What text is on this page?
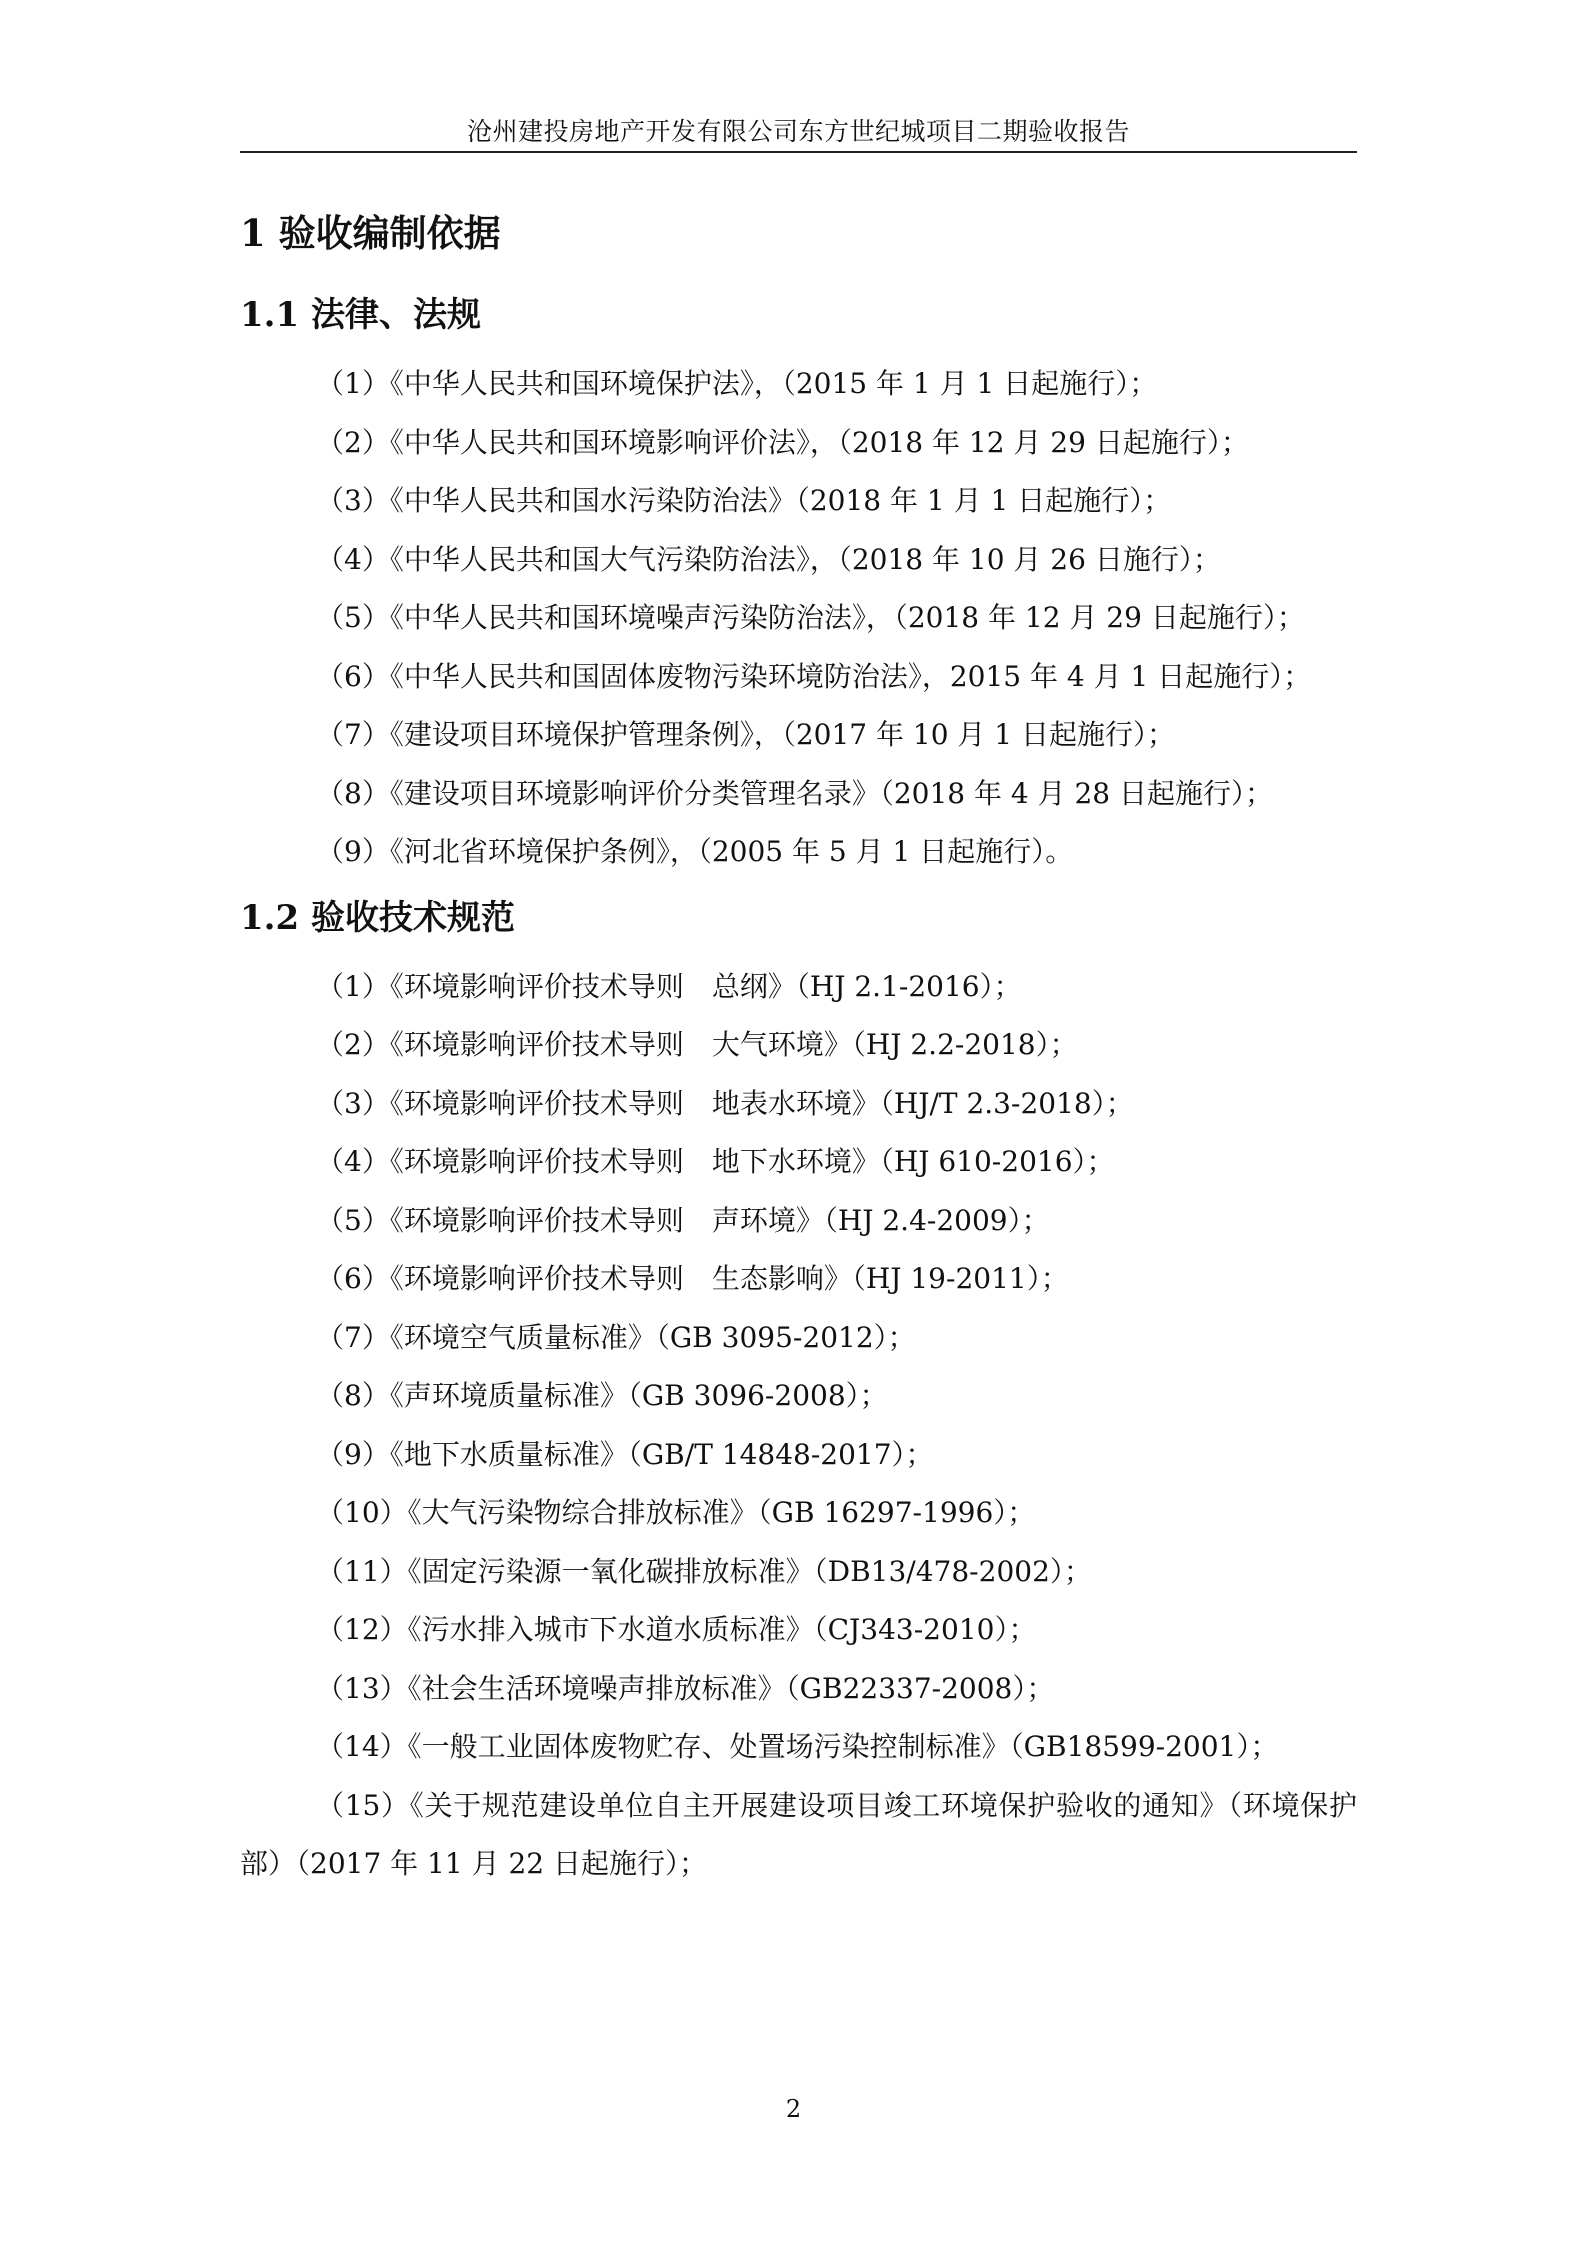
沧州建投房地产开发有限公司东方世纪城项目二期验收报告
1 验收编制依据
1.1 法律、法规
（1）《中华人民共和国环境保护法》，（2015 年 1 月 1 日起施行）；
（2）《中华人民共和国环境影响评价法》，（2018 年 12 月 29 日起施行）；
（3）《中华人民共和国水污染防治法》（2018 年 1 月 1 日起施行）；
（4）《中华人民共和国大气污染防治法》，（2018 年 10 月 26 日施行）；
（5）《中华人民共和国环境噪声污染防治法》，（2018 年 12 月 29 日起施行）；
（6）《中华人民共和国固体废物污染环境防治法》，2015 年 4 月 1 日起施行）；
（7）《建设项目环境保护管理条例》，（2017 年 10 月 1 日起施行）；
（8）《建设项目环境影响评价分类管理名录》（2018 年 4 月 28 日起施行）；
（9）《河北省环境保护条例》，（2005 年 5 月 1 日起施行）。
1.2 验收技术规范
（1）《环境影响评价技术导则　总纲》（HJ 2.1-2016）；
（2）《环境影响评价技术导则　大气环境》（HJ 2.2-2018）；
（3）《环境影响评价技术导则　地表水环境》（HJ/T 2.3-2018）；
（4）《环境影响评价技术导则　地下水环境》（HJ 610-2016）；
（5）《环境影响评价技术导则　声环境》（HJ 2.4-2009）；
（6）《环境影响评价技术导则　生态影响》（HJ 19-2011）；
（7）《环境空气质量标准》（GB 3095-2012）；
（8）《声环境质量标准》（GB 3096-2008）；
（9）《地下水质量标准》（GB/T 14848-2017）；
（10）《大气污染物综合排放标准》（GB 16297-1996）；
（11）《固定污染源一氧化碳排放标准》（DB13/478-2002）；
（12）《污水排入城市下水道水质标准》（CJ343-2010）；
（13）《社会生活环境噪声排放标准》（GB22337-2008）；
（14）《一般工业固体废物贮存、处置场污染控制标准》（GB18599-2001）；
（15）《关于规范建设单位自主开展建设项目竣工环境保护验收的通知》（环境保护部）（2017 年 11 月 22 日起施行）；
2
